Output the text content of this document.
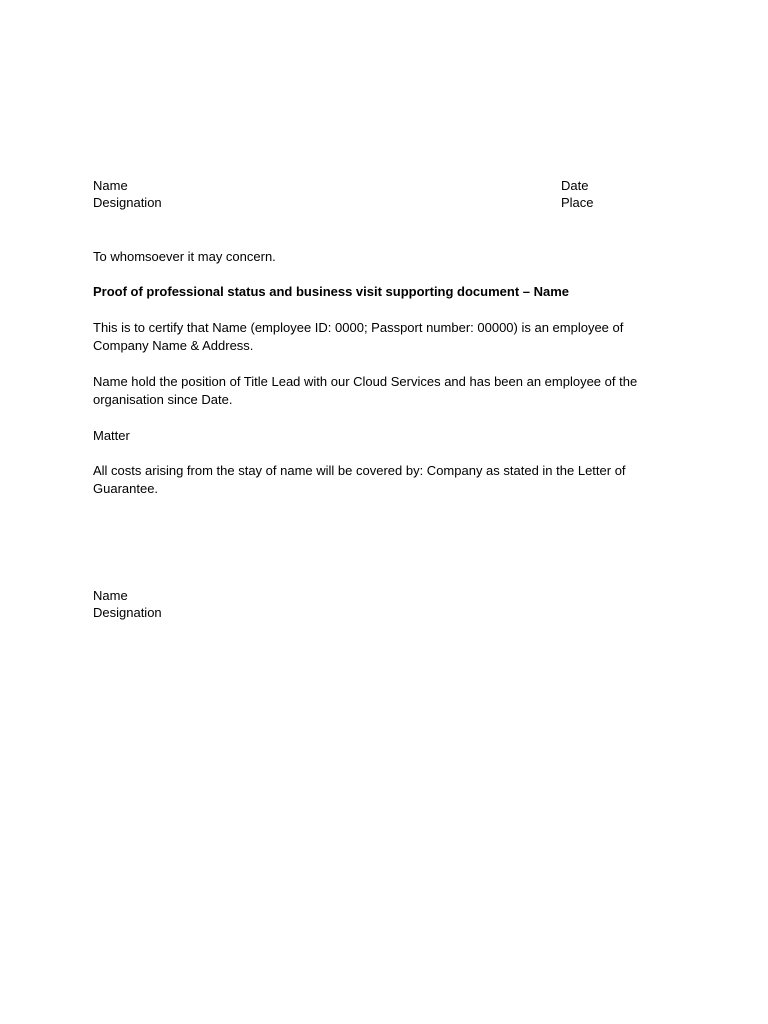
Name
Designation
Date
Place
To whomsoever it may concern.
Proof of professional status and business visit supporting document – Name
This is to certify that Name (employee ID: 0000; Passport number: 00000) is an employee of Company Name & Address.
Name hold the position of Title Lead with our Cloud Services and has been an employee of the organisation since Date.
Matter
All costs arising from the stay of name will be covered by: Company as stated in the Letter of Guarantee.
Name
Designation
